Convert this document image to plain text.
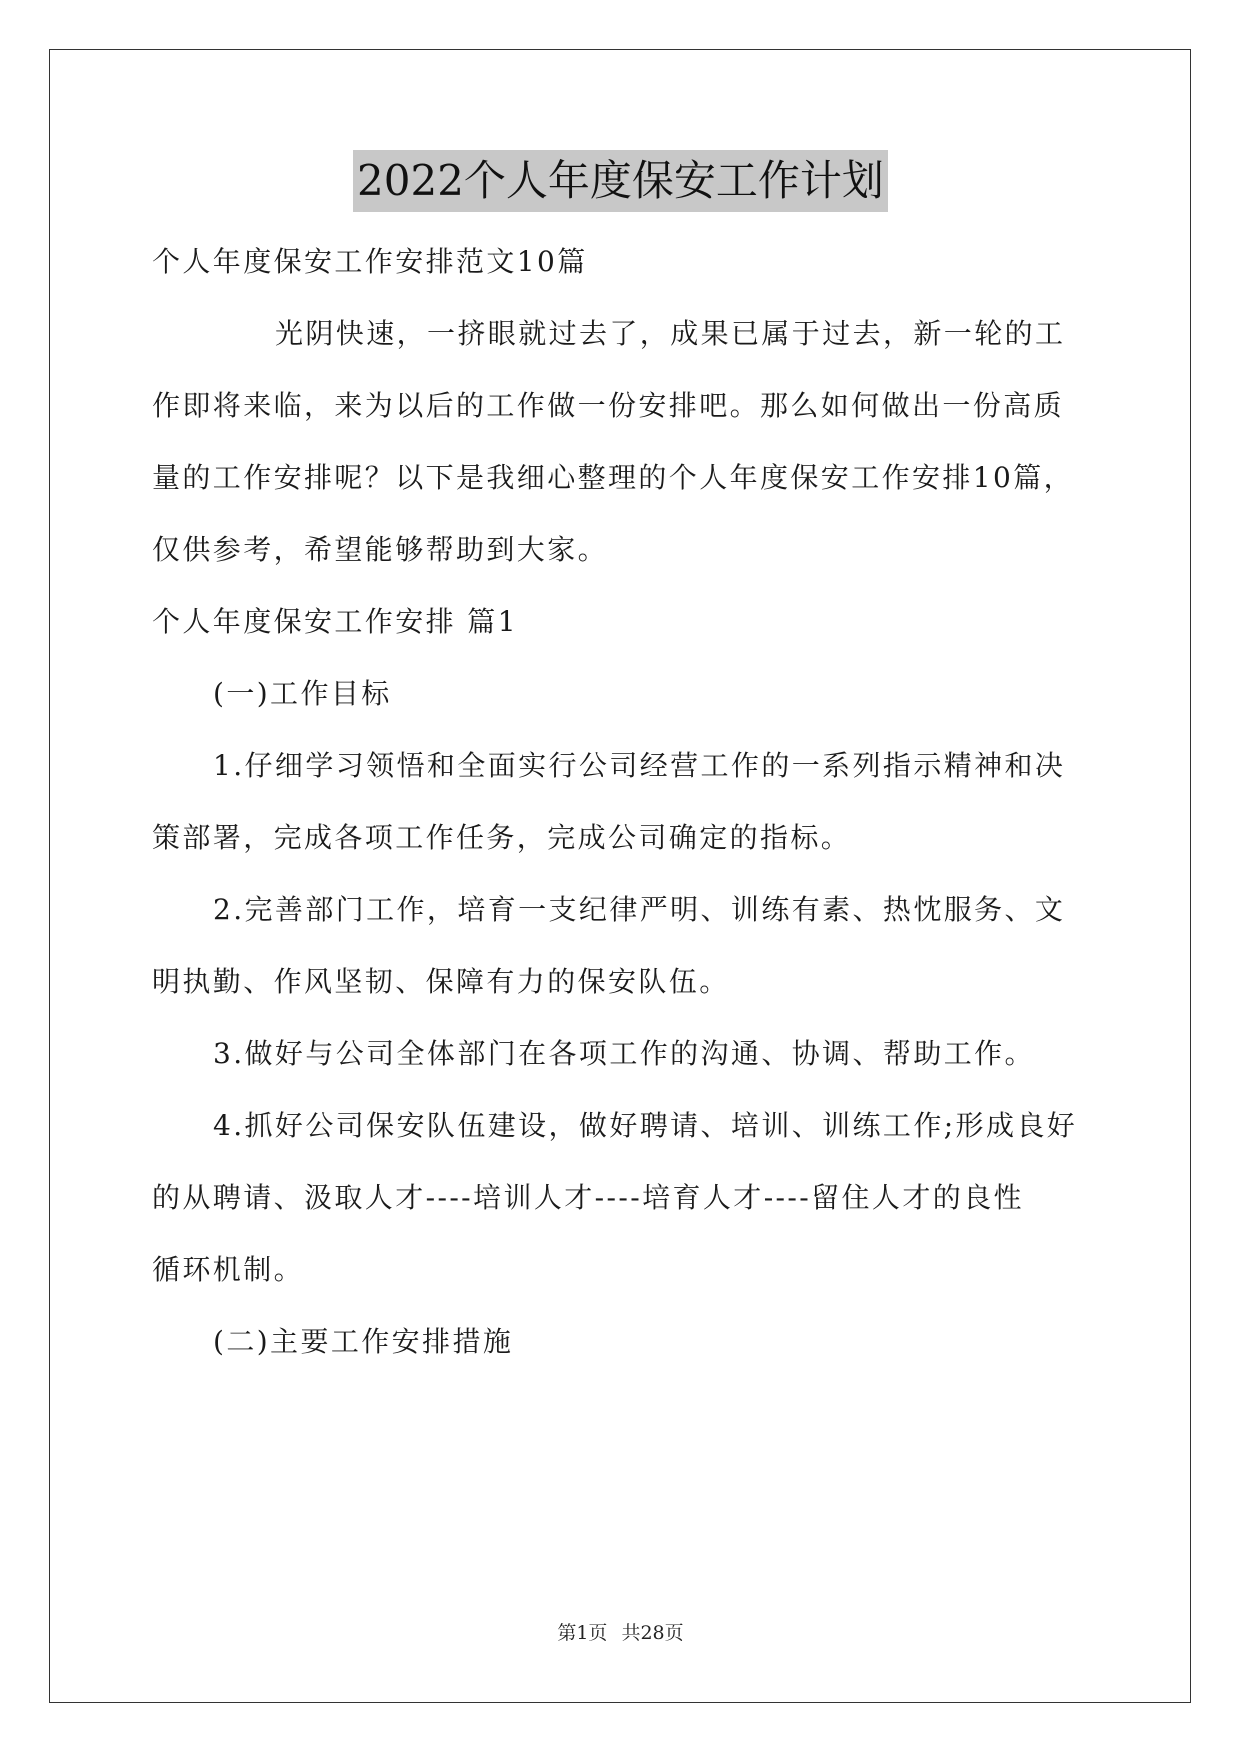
2022个人年度保安工作计划
个人年度保安工作安排范文10篇
光阴快速，一挤眼就过去了，成果已属于过去，新一轮的工
作即将来临，来为以后的工作做一份安排吧。那么如何做出一份高质
量的工作安排呢？以下是我细心整理的个人年度保安工作安排10篇，
仅供参考，希望能够帮助到大家。
个人年度保安工作安排 篇1
(一)工作目标
1.仔细学习领悟和全面实行公司经营工作的一系列指示精神和决
策部署，完成各项工作任务，完成公司确定的指标。
2.完善部门工作，培育一支纪律严明、训练有素、热忱服务、文
明执勤、作风坚韧、保障有力的保安队伍。
3.做好与公司全体部门在各项工作的沟通、协调、帮助工作。
4.抓好公司保安队伍建设，做好聘请、培训、训练工作;形成良好
的从聘请、汲取人才----培训人才----培育人才----留住人才的良性
循环机制。
(二)主要工作安排措施
第1页 共28页
